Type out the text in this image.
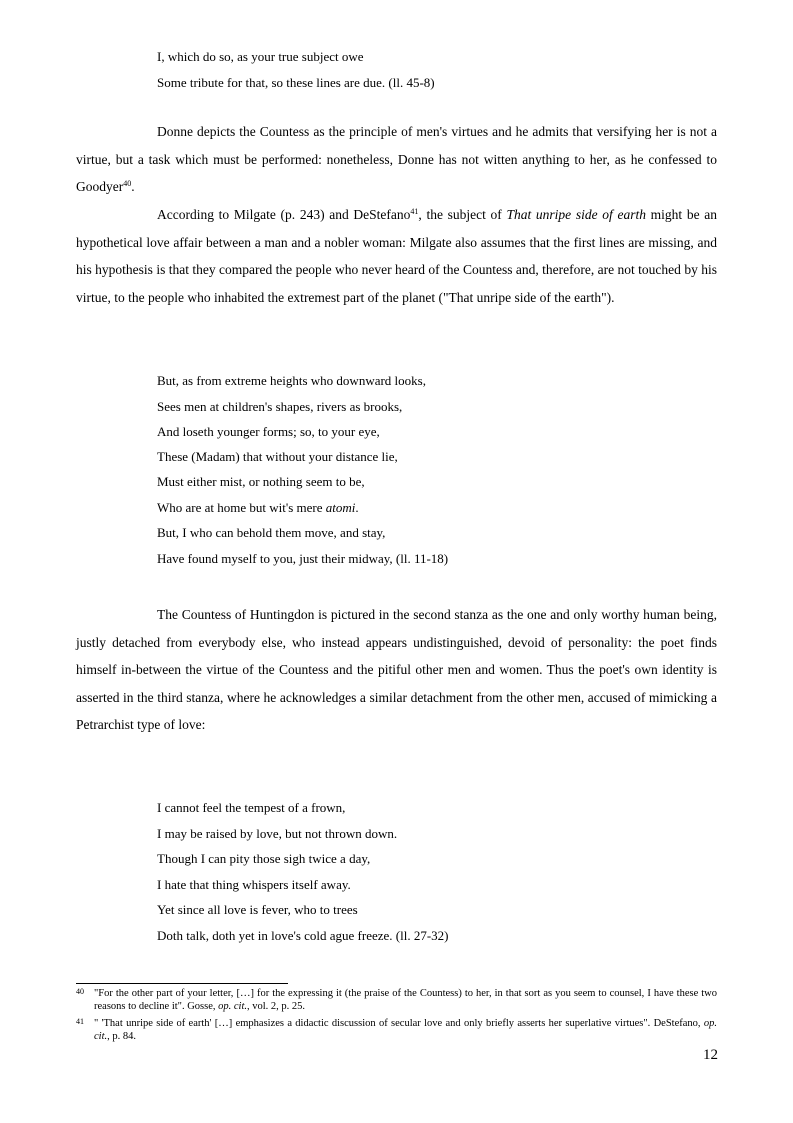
I, which do so, as your true subject owe
Some tribute for that, so these lines are due. (ll. 45-8)

Donne depicts the Countess as the principle of men's virtues and he admits that versifying her is not a virtue, but a task which must be performed: nonetheless, Donne has not witten anything to her, as he confessed to Goodyer$^{40}$.

According to Milgate (p. 243) and DeStefano$^{41}$, the subject of That unripe side of earth might be an hypothetical love affair between a man and a nobler woman: Milgate also assumes that the first lines are missing, and his hypothesis is that they compared the people who never heard of the Countess and, therefore, are not touched by his virtue, to the people who inhabited the extremest part of the planet ("That unripe side of the earth").

But, as from extreme heights who downward looks,
Sees men at children's shapes, rivers as brooks,
And loseth younger forms; so, to your eye,
These (Madam) that without your distance lie,
Must either mist, or nothing seem to be,
Who are at home but wit's mere atomi.
But, I who can behold them move, and stay,
Have found myself to you, just their midway, (ll. 11-18)

The Countess of Huntingdon is pictured in the second stanza as the one and only worthy human being, justly detached from everybody else, who instead appears undistinguished, devoid of personality: the poet finds himself in-between the virtue of the Countess and the pitiful other men and women. Thus the poet's own identity is asserted in the third stanza, where he acknowledges a similar detachment from the other men, accused of mimicking a Petrarchist type of love:

I cannot feel the tempest of a frown,
I may be raised by love, but not thrown down.
Though I can pity those sigh twice a day,
I hate that thing whispers itself away.
Yet since all love is fever, who to trees
Doth talk, doth yet in love's cold ague freeze. (ll. 27-32)
40 "For the other part of your letter, […] for the expressing it (the praise of the Countess) to her, in that sort as you seem to counsel, I have these two reasons to decline it". Gosse, op. cit., vol. 2, p. 25.
41 " 'That unripe side of earth' […] emphasizes a didactic discussion of secular love and only briefly asserts her superlative virtues". DeStefano, op. cit., p. 84.
12
